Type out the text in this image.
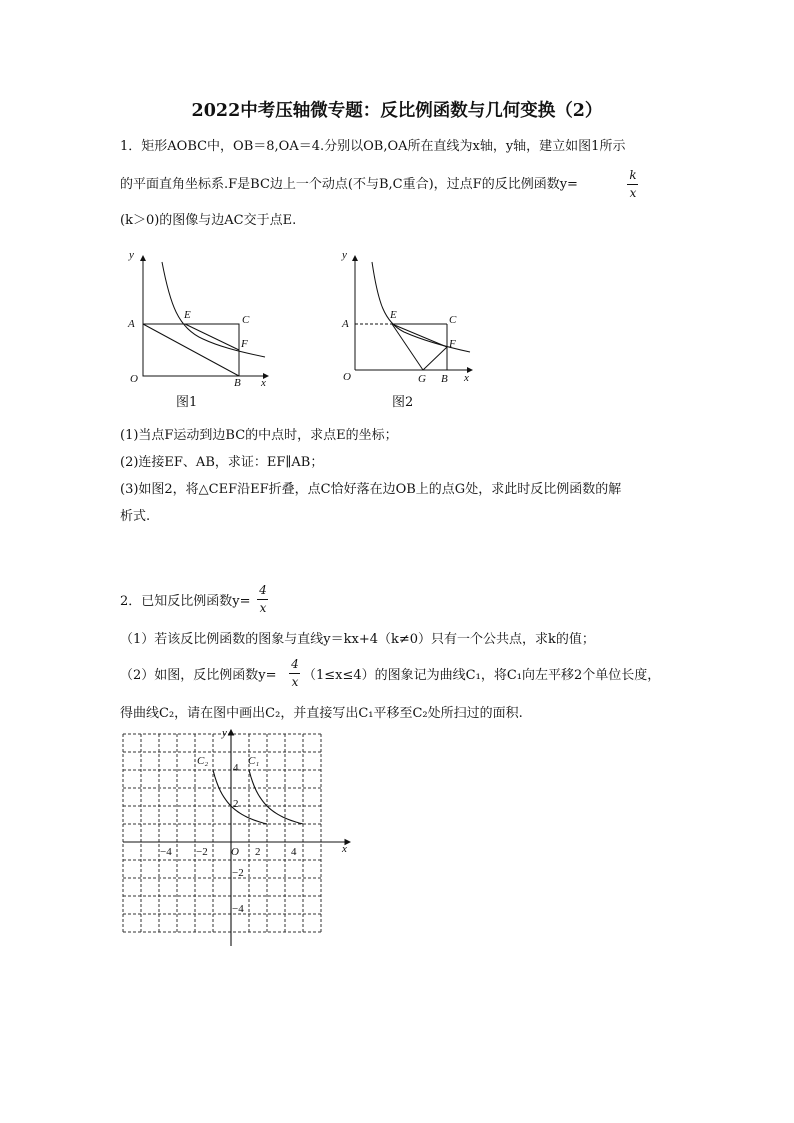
2022中考压轴微专题：反比例函数与几何变换（2）
1．矩形AOBC中，OB＝8,OA＝4.分别以OB,OA所在直线为x轴，y轴，建立如图1所示
的平面直角坐标系.F是BC边上一个动点(不与B,C重合)，过点F的反比例函数y=
k
x
(k＞0)的图像与边AC交于点E.
y
x
O
A
B
C
E
F
图1
y
x
O
A
E	C
F
G B
图2
(1)当点F运动到边BC的中点时，求点E的坐标；
(2)连接EF、AB，求证：EF∥AB；
(3)如图2，将△CEF沿EF折叠，点C恰好落在边OB上的点G处，求此时反比例函数的解
析式.
2．已知反比例函数y=
4
x
（1）若该反比例函数的图象与直线y＝kx+4（k≠0）只有一个公共点，求k的值；
（2）如图，反比例函数y=
4
x （1≤x≤4）的图象记为曲线C₁，将C₁向左平移2个单位长度，
得曲线C₂，请在图中画出C₂，并直接写出C₁平移至C₂处所扫过的面积.
y
x
O
C₁
C₂
−4 −2	2	4
4
2
−2
−4
